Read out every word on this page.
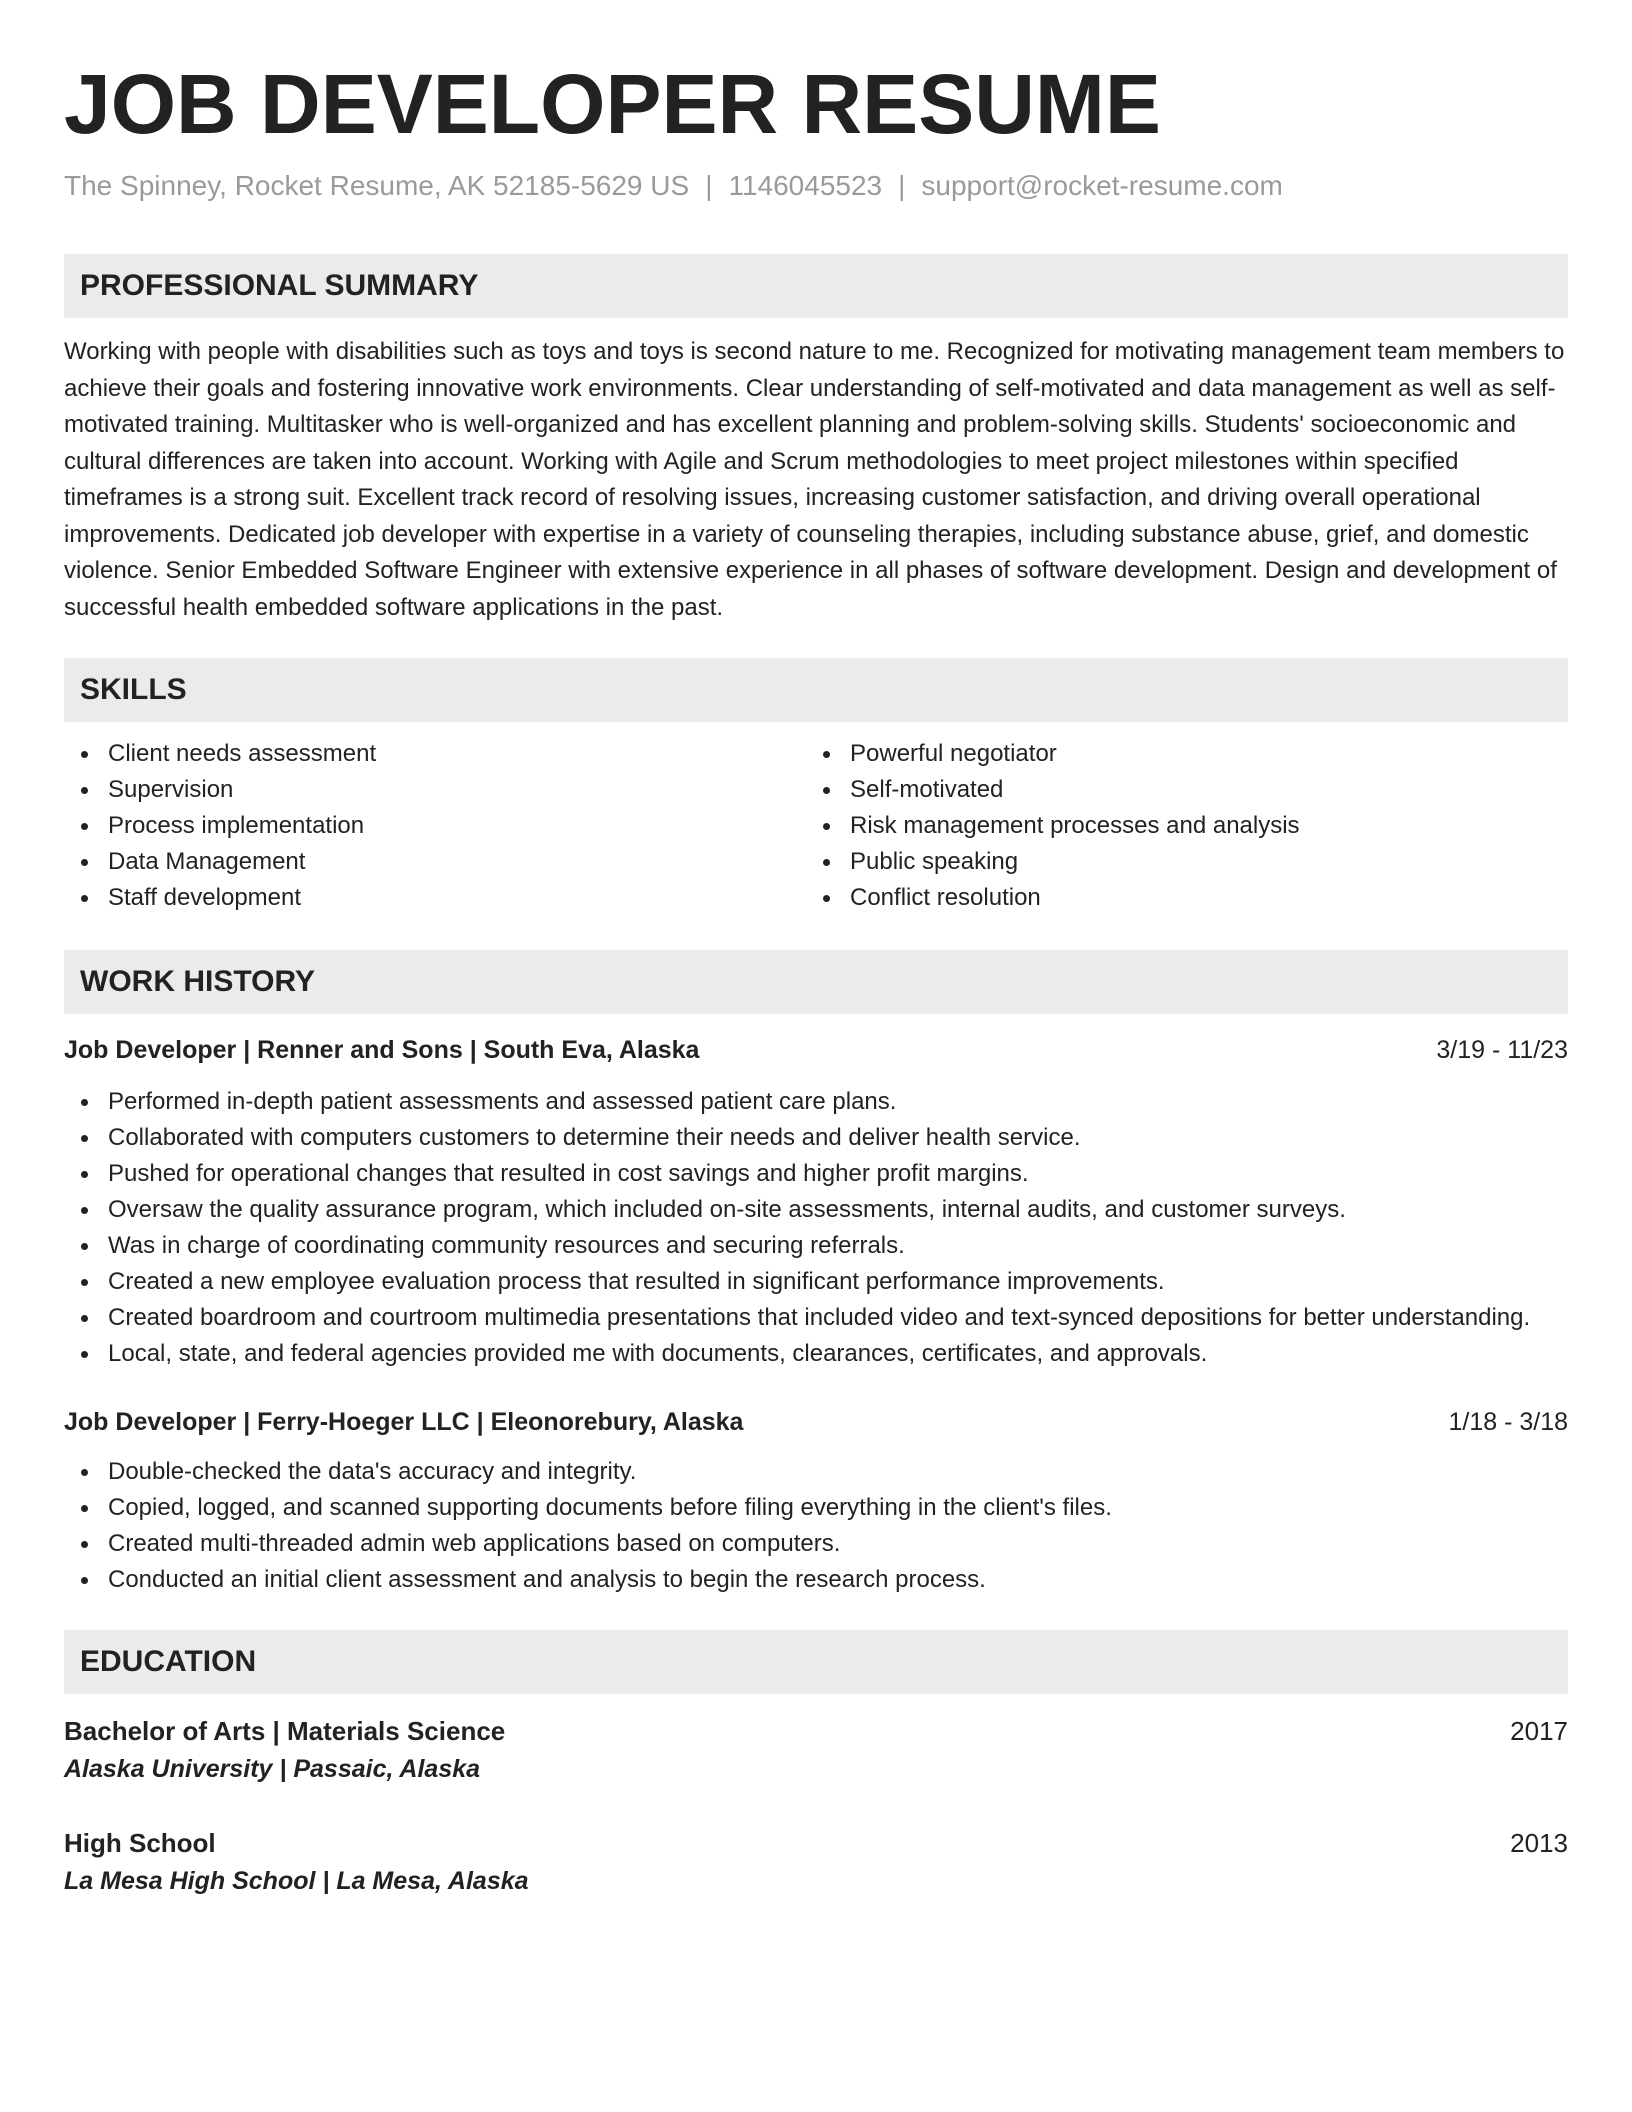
JOB DEVELOPER RESUME
The Spinney, Rocket Resume, AK 52185-5629 US | 1146045523 | support@rocket-resume.com
PROFESSIONAL SUMMARY
Working with people with disabilities such as toys and toys is second nature to me. Recognized for motivating management team members to achieve their goals and fostering innovative work environments. Clear understanding of self-motivated and data management as well as self-motivated training. Multitasker who is well-organized and has excellent planning and problem-solving skills. Students' socioeconomic and cultural differences are taken into account. Working with Agile and Scrum methodologies to meet project milestones within specified timeframes is a strong suit. Excellent track record of resolving issues, increasing customer satisfaction, and driving overall operational improvements. Dedicated job developer with expertise in a variety of counseling therapies, including substance abuse, grief, and domestic violence. Senior Embedded Software Engineer with extensive experience in all phases of software development. Design and development of successful health embedded software applications in the past.
SKILLS
Client needs assessment
Supervision
Process implementation
Data Management
Staff development
Powerful negotiator
Self-motivated
Risk management processes and analysis
Public speaking
Conflict resolution
WORK HISTORY
Job Developer | Renner and Sons | South Eva, Alaska	3/19 - 11/23
Performed in-depth patient assessments and assessed patient care plans.
Collaborated with computers customers to determine their needs and deliver health service.
Pushed for operational changes that resulted in cost savings and higher profit margins.
Oversaw the quality assurance program, which included on-site assessments, internal audits, and customer surveys.
Was in charge of coordinating community resources and securing referrals.
Created a new employee evaluation process that resulted in significant performance improvements.
Created boardroom and courtroom multimedia presentations that included video and text-synced depositions for better understanding.
Local, state, and federal agencies provided me with documents, clearances, certificates, and approvals.
Job Developer | Ferry-Hoeger LLC | Eleonorebury, Alaska	1/18 - 3/18
Double-checked the data's accuracy and integrity.
Copied, logged, and scanned supporting documents before filing everything in the client's files.
Created multi-threaded admin web applications based on computers.
Conducted an initial client assessment and analysis to begin the research process.
EDUCATION
Bachelor of Arts | Materials Science	2017
Alaska University | Passaic, Alaska
High School	2013
La Mesa High School | La Mesa, Alaska
